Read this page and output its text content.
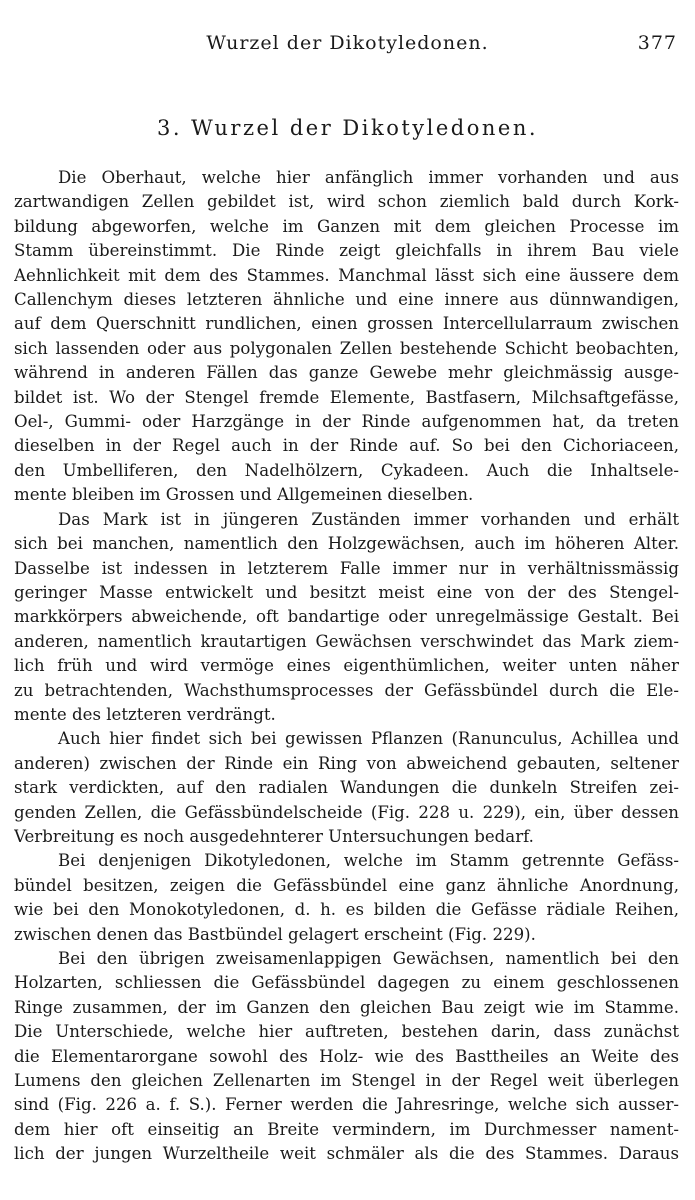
Wurzel der Dikotyledonen.	377
3. Wurzel der Dikotyledonen.

Die Oberhaut, welche hier anfänglich immer vorhanden und aus
zartwandigen Zellen gebildet ist, wird schon ziemlich bald durch Kork-
bildung abgeworfen, welche im Ganzen mit dem gleichen Processe im
Stamm übereinstimmt. Die Rinde zeigt gleichfalls in ihrem Bau viele
Aehnlichkeit mit dem des Stammes. Manchmal lässt sich eine äussere dem
Callenchym dieses letzteren ähnliche und eine innere aus dünnwandigen,
auf dem Querschnitt rundlichen, einen grossen Intercellularraum zwischen
sich lassenden oder aus polygonalen Zellen bestehende Schicht beobachten,
während in anderen Fällen das ganze Gewebe mehr gleichmässig ausge-
bildet ist. Wo der Stengel fremde Elemente, Bastfasern, Milchsaftgefässe,
Oel-, Gummi- oder Harzgänge in der Rinde aufgenommen hat, da treten
dieselben in der Regel auch in der Rinde auf. So bei den Cichoriaceen,
den Umbelliferen, den Nadelhölzern, Cykadeen. Auch die Inhaltsele-
mente bleiben im Grossen und Allgemeinen dieselben.

Das Mark ist in jüngeren Zuständen immer vorhanden und erhält
sich bei manchen, namentlich den Holzgewächsen, auch im höheren Alter.
Dasselbe ist indessen in letzterem Falle immer nur in verhältnissmässig
geringer Masse entwickelt und besitzt meist eine von der des Stengel-
markkörpers abweichende, oft bandartige oder unregelmässige Gestalt. Bei
anderen, namentlich krautartigen Gewächsen verschwindet das Mark ziem-
lich früh und wird vermöge eines eigenthümlichen, weiter unten näher
zu betrachtenden, Wachsthumsprocesses der Gefässbündel durch die Ele-
mente des letzteren verdrängt.

Auch hier findet sich bei gewissen Pflanzen (Ranunculus, Achillea und
anderen) zwischen der Rinde ein Ring von abweichend gebauten, seltener
stark verdickten, auf den radialen Wandungen die dunkeln Streifen zei-
genden Zellen, die Gefässbündelscheide (Fig. 228 u. 229), ein, über dessen
Verbreitung es noch ausgedehnterer Untersuchungen bedarf.

Bei denjenigen Dikotyledonen, welche im Stamm getrennte Gefäss-
bündel besitzen, zeigen die Gefässbündel eine ganz ähnliche Anordnung,
wie bei den Monokotyledonen, d. h. es bilden die Gefässe rädiale Reihen,
zwischen denen das Bastbündel gelagert erscheint (Fig. 229).

Bei den übrigen zweisamenlappigen Gewächsen, namentlich bei den
Holzarten, schliessen die Gefässbündel dagegen zu einem geschlossenen
Ringe zusammen, der im Ganzen den gleichen Bau zeigt wie im Stamme.
Die Unterschiede, welche hier auftreten, bestehen darin, dass zunächst
die Elementarorgane sowohl des Holz- wie des Basttheiles an Weite des
Lumens den gleichen Zellenarten im Stengel in der Regel weit überlegen
sind (Fig. 226 a. f. S.). Ferner werden die Jahresringe, welche sich ausser-
dem hier oft einseitig an Breite vermindern, im Durchmesser nament-
lich der jungen Wurzeltheile weit schmäler als die des Stammes. Daraus
